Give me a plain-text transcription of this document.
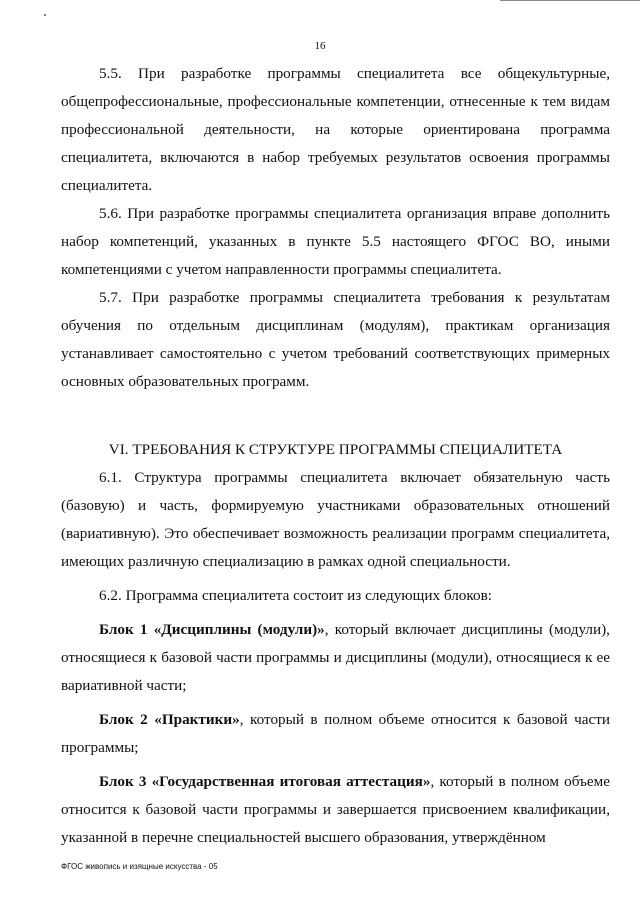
16

5.5. При разработке программы специалитета все общекультурные, общепрофессиональные, профессиональные компетенции, отнесенные к тем видам профессиональной деятельности, на которые ориентирована программа специалитета, включаются в набор требуемых результатов освоения программы специалитета.

5.6. При разработке программы специалитета организация вправе дополнить набор компетенций, указанных в пункте 5.5 настоящего ФГОС ВО, иными компетенциями с учетом направленности программы специалитета.

5.7. При разработке программы специалитета требования к результатам обучения по отдельным дисциплинам (модулям), практикам организация устанавливает самостоятельно с учетом требований соответствующих примерных основных образовательных программ.

VI. ТРЕБОВАНИЯ К СТРУКТУРЕ ПРОГРАММЫ СПЕЦИАЛИТЕТА

6.1. Структура программы специалитета включает обязательную часть (базовую) и часть, формируемую участниками образовательных отношений (вариативную). Это обеспечивает возможность реализации программ специалитета, имеющих различную специализацию в рамках одной специальности.

6.2. Программа специалитета состоит из следующих блоков:

Блок 1 «Дисциплины (модули)», который включает дисциплины (модули), относящиеся к базовой части программы и дисциплины (модули), относящиеся к ее вариативной части;

Блок 2 «Практики», который в полном объеме относится к базовой части программы;

Блок 3 «Государственная итоговая аттестация», который в полном объеме относится к базовой части программы и завершается присвоением квалификации, указанной в перечне специальностей высшего образования, утверждённом

ФГОС живопись и изящные искусства - 05
